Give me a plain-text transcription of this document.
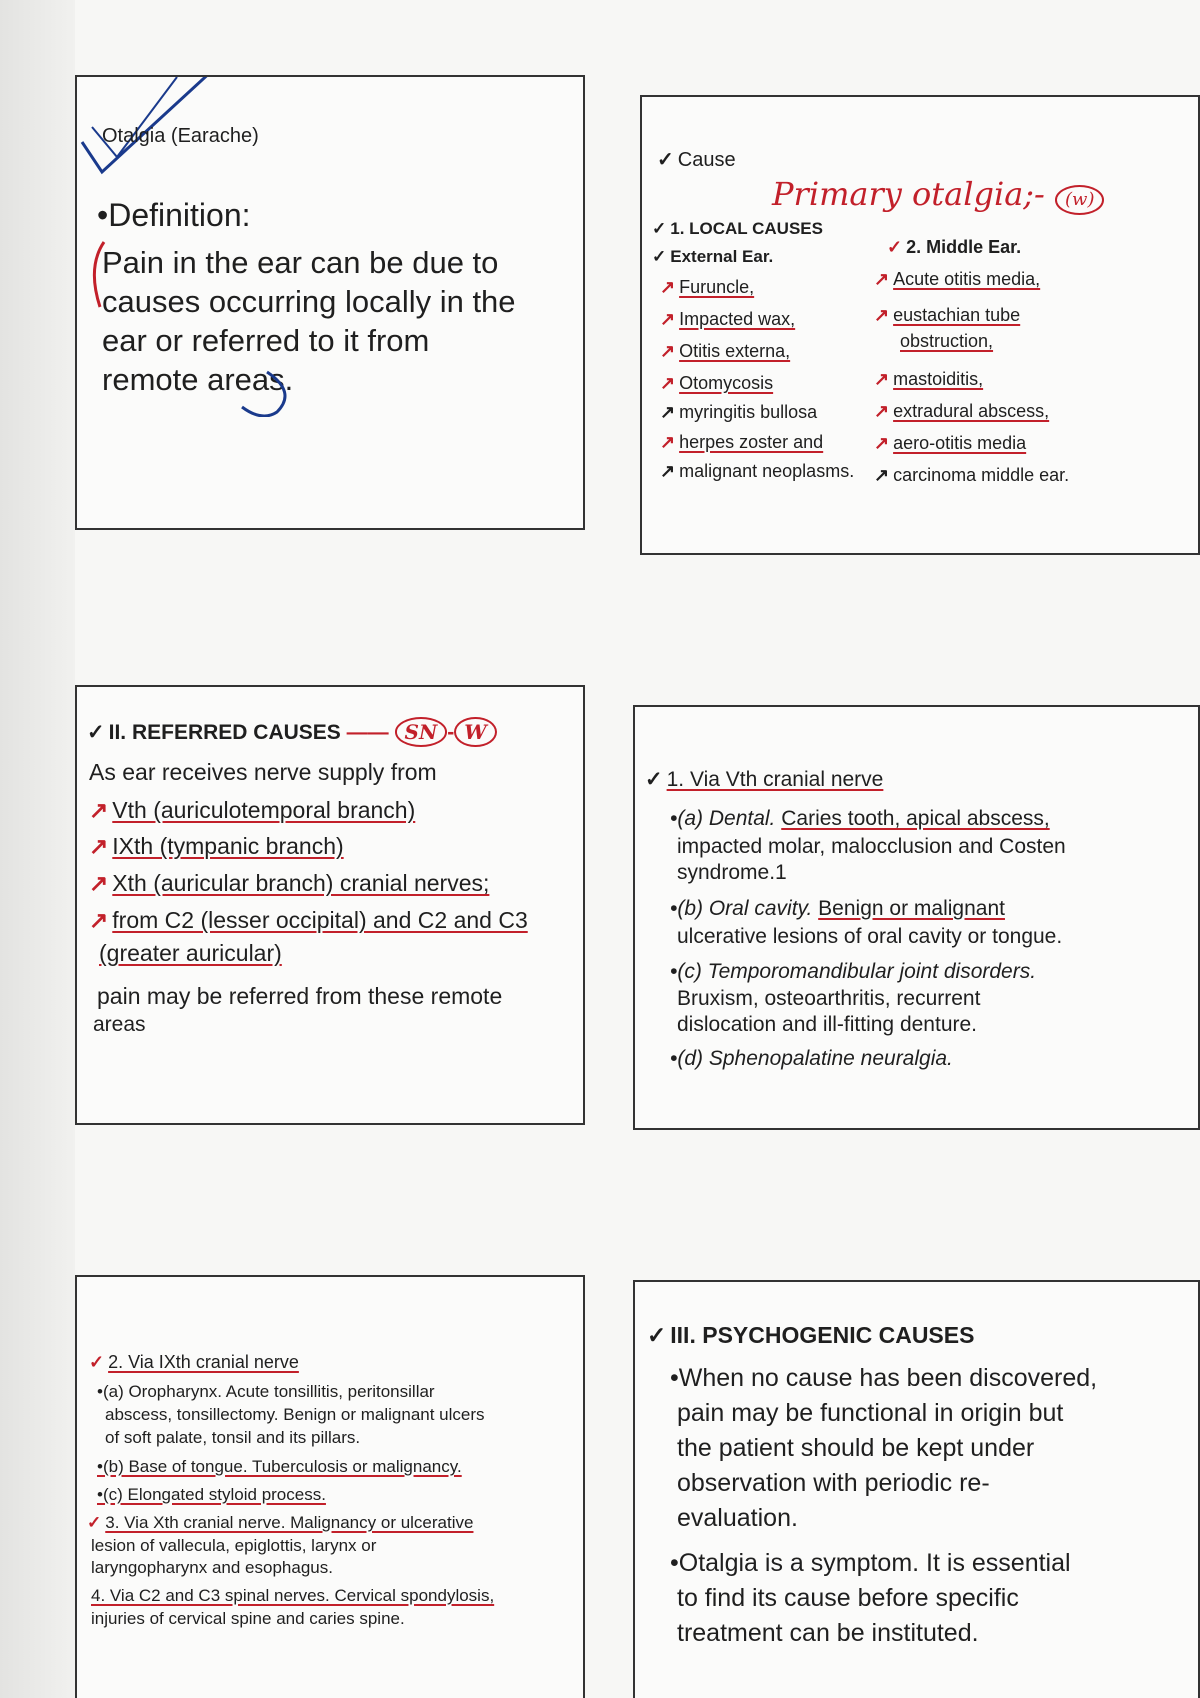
Otalgia (Earache)
•Definition:
Pain in the ear can be due to
causes occurring locally in the
ear or referred to it from
remote areas.
✓ Cause
Primary otalgia;- (w)
✓ 1. LOCAL CAUSES
✓ External Ear.	✓ 2. Middle Ear.
↗ Furuncle,
↗ Impacted wax,
↗ Otitis externa,
↗ Otomycosis
↗ myringitis bullosa
↗ herpes zoster and
↗ malignant neoplasms.
↗ Acute otitis media,
↗ eustachian tube
obstruction,
↗ mastoiditis,
↗ extradural abscess,
↗ aero-otitis media
↗ carcinoma middle ear.
✓ II. REFERRED CAUSES —— SN - W
As ear receives nerve supply from
↗ Vth (auriculotemporal branch)
↗ IXth (tympanic branch)
↗ Xth (auricular branch) cranial nerves;
↗ from C2 (lesser occipital) and C2 and C3
(greater auricular)
pain may be referred from these remote
areas
✓ 1. Via Vth cranial nerve
•(a) Dental. Caries tooth, apical abscess,
impacted molar, malocclusion and Costen
syndrome.1
•(b) Oral cavity. Benign or malignant
ulcerative lesions of oral cavity or tongue.
•(c) Temporomandibular joint disorders.
Bruxism, osteoarthritis, recurrent
dislocation and ill-fitting denture.
•(d) Sphenopalatine neuralgia.
✓ 2. Via IXth cranial nerve
•(a) Oropharynx. Acute tonsillitis, peritonsillar
abscess, tonsillectomy. Benign or malignant ulcers
of soft palate, tonsil and its pillars.
•(b) Base of tongue. Tuberculosis or malignancy.
•(c) Elongated styloid process.
✓ 3. Via Xth cranial nerve. Malignancy or ulcerative
lesion of vallecula, epiglottis, larynx or
laryngopharynx and esophagus.
4. Via C2 and C3 spinal nerves. Cervical spondylosis,
injuries of cervical spine and caries spine.
✓ III. PSYCHOGENIC CAUSES
•When no cause has been discovered,
pain may be functional in origin but
the patient should be kept under
observation with periodic re-
evaluation.
•Otalgia is a symptom. It is essential
to find its cause before specific
treatment can be instituted.
